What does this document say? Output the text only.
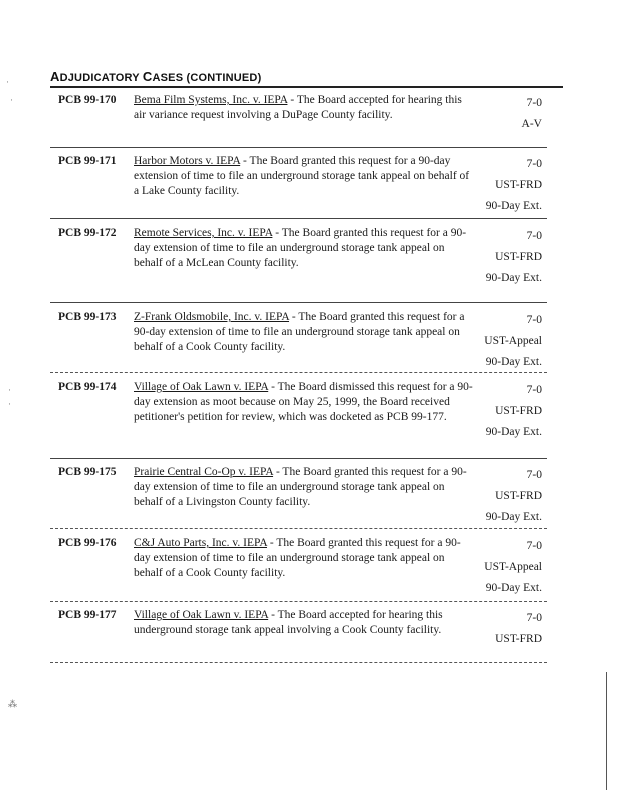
ADJUDICATORY CASES (CONTINUED)
PCB 99-170	Bema Film Systems, Inc. v. IEPA - The Board accepted for hearing this air variance request involving a DuPage County facility.
7-0
A-V
PCB 99-171	Harbor Motors v. IEPA - The Board granted this request for a 90-day extension of time to file an underground storage tank appeal on behalf of a Lake County facility.
7-0
UST-FRD
90-Day Ext.
PCB 99-172	Remote Services, Inc. v. IEPA - The Board granted this request for a 90-day extension of time to file an underground storage tank appeal on behalf of a McLean County facility.
7-0
UST-FRD
90-Day Ext.
PCB 99-173	Z-Frank Oldsmobile, Inc. v. IEPA - The Board granted this request for a 90-day extension of time to file an underground storage tank appeal on behalf of a Cook County facility.
7-0
UST-Appeal
90-Day Ext.
PCB 99-174	Village of Oak Lawn v. IEPA - The Board dismissed this request for a 90-day extension as moot because on May 25, 1999, the Board received petitioner's petition for review, which was docketed as PCB 99-177.
7-0
UST-FRD
90-Day Ext.
PCB 99-175	Prairie Central Co-Op v. IEPA - The Board granted this request for a 90-day extension of time to file an underground storage tank appeal on behalf of a Livingston County facility.
7-0
UST-FRD
90-Day Ext.
PCB 99-176	C&J Auto Parts, Inc. v. IEPA - The Board granted this request for a 90-day extension of time to file an underground storage tank appeal on behalf of a Cook County facility.
7-0
UST-Appeal
90-Day Ext.
PCB 99-177	Village of Oak Lawn v. IEPA - The Board accepted for hearing this underground storage tank appeal involving a Cook County facility.
7-0
UST-FRD
·
·
·
·
⁂
